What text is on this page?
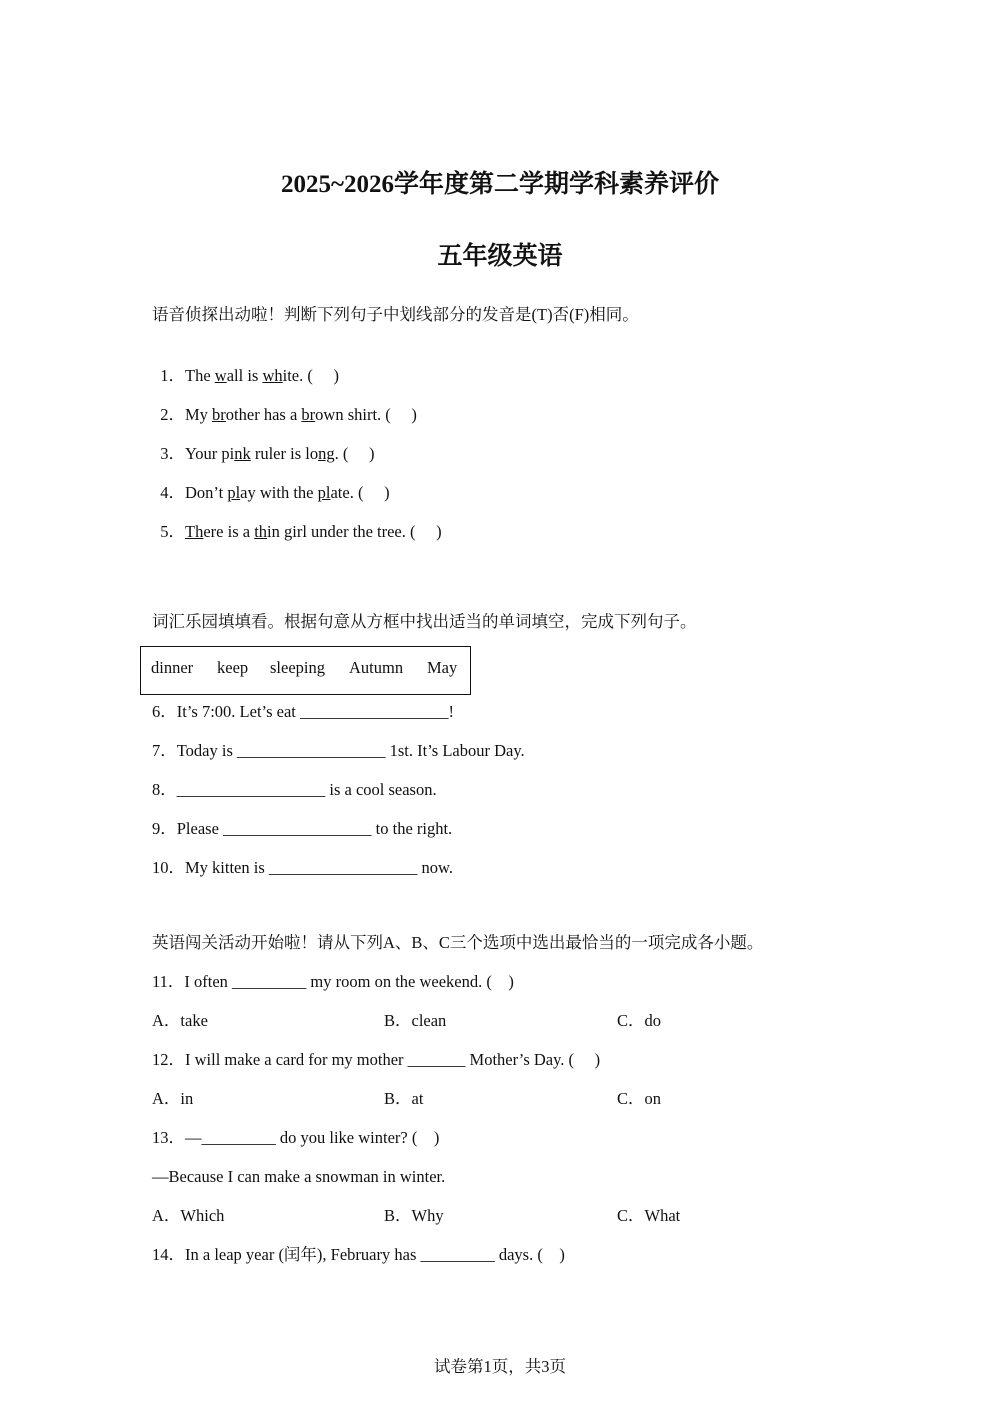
2025~2026学年度第二学期学科素养评价
五年级英语
语音侦探出动啦！判断下列句子中划线部分的发音是(T)否(F)相同。

1．The wall is white. (     )

2．My brother has a brown shirt. (     )

3．Your pink ruler is long. (     )

4．Don’t play with the plate. (     )

5．There is a thin girl under the tree. (     )

词汇乐园填填看。根据句意从方框中找出适当的单词填空，完成下列句子。
dinner keep sleeping Autumn May
6．It’s 7:00. Let’s eat __________________!
7．Today is __________________ 1st. It’s Labour Day.
8．__________________ is a cool season.
9．Please __________________ to the right.
10．My kitten is __________________ now.
英语闯关活动开始啦！请从下列A、B、C三个选项中选出最恰当的一项完成各小题。
11．I often _________ my room on the weekend. (    )
A．take	B．clean	C．do
12．I will make a card for my mother _______ Mother’s Day. (     )
A．in	B．at	C．on
13．—_________ do you like winter? (    )
—Because I can make a snowman in winter.
A．Which	B．Why	C．What
14．In a leap year (闰年), February has _________ days. (    )
试卷第1页，共3页
